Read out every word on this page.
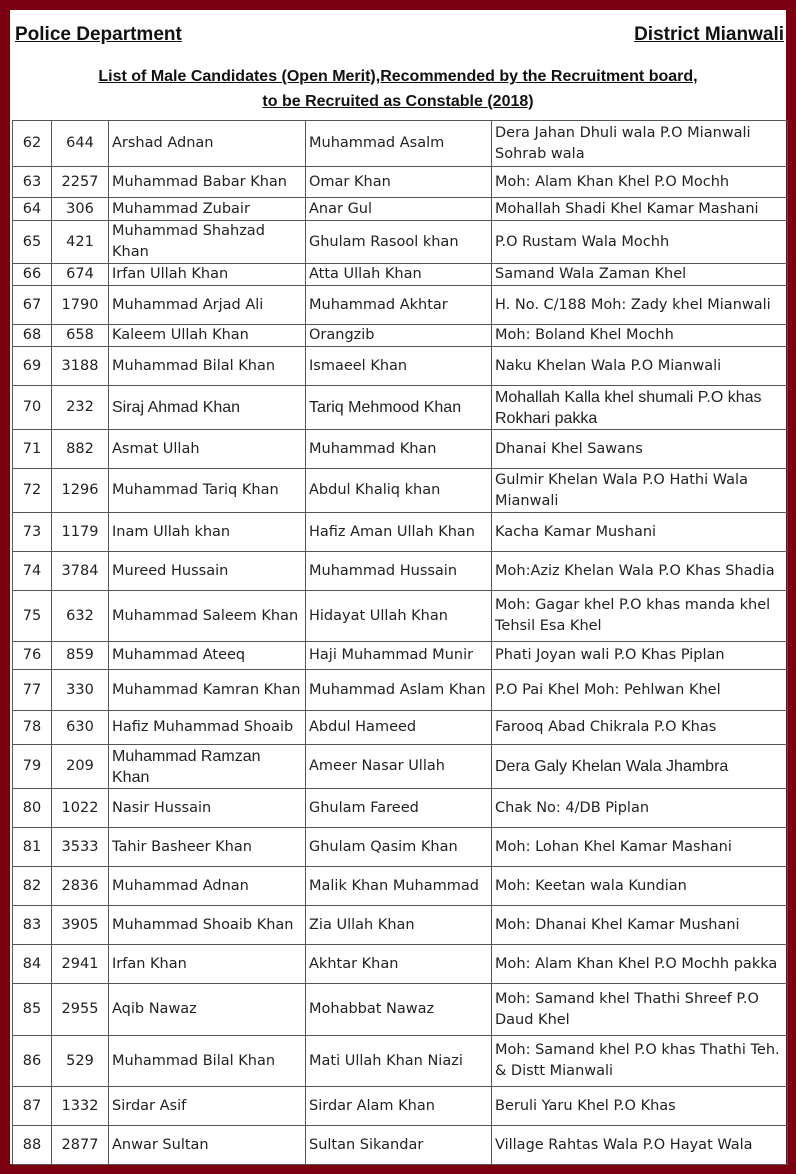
Police Department	District Mianwali
List of Male Candidates (Open Merit),Recommended by the Recruitment board,
to be Recruited as Constable (2018)
62	644	Arshad Adnan	Muhammad Asalm	Dera Jahan Dhuli wala P.O Mianwali Sohrab wala
63	2257	Muhammad Babar Khan	Omar Khan	Moh: Alam Khan Khel P.O Mochh
64	306	Muhammad Zubair	Anar Gul	Mohallah Shadi Khel Kamar Mashani
65	421	Muhammad Shahzad Khan	Ghulam Rasool khan	P.O Rustam Wala Mochh
66	674	Irfan Ullah Khan	Atta Ullah Khan	Samand Wala Zaman Khel
67	1790	Muhammad Arjad Ali	Muhammad Akhtar	H. No. C/188 Moh: Zady khel Mianwali
68	658	Kaleem Ullah Khan	Orangzib	Moh: Boland Khel Mochh
69	3188	Muhammad Bilal Khan	Ismaeel Khan	Naku Khelan Wala P.O Mianwali
70	232	Siraj Ahmad Khan	Tariq Mehmood Khan	Mohallah Kalla khel shumali P.O khas Rokhari pakka
71	882	Asmat Ullah	Muhammad Khan	Dhanai Khel Sawans
72	1296	Muhammad Tariq Khan	Abdul Khaliq khan	Gulmir Khelan Wala P.O Hathi Wala Mianwali
73	1179	Inam Ullah khan	Hafiz Aman Ullah Khan	Kacha Kamar Mushani
74	3784	Mureed Hussain	Muhammad Hussain	Moh:Aziz Khelan Wala P.O Khas Shadia
75	632	Muhammad Saleem Khan	Hidayat Ullah Khan	Moh: Gagar khel P.O khas manda khel Tehsil Esa Khel
76	859	Muhammad Ateeq	Haji Muhammad Munir	Phati Joyan wali P.O Khas Piplan
77	330	Muhammad Kamran Khan	Muhammad Aslam Khan	P.O Pai Khel Moh: Pehlwan Khel
78	630	Hafiz Muhammad Shoaib	Abdul Hameed	Farooq Abad Chikrala P.O Khas
79	209	Muhammad Ramzan Khan	Ameer Nasar Ullah	Dera Galy Khelan Wala Jhambra
80	1022	Nasir Hussain	Ghulam Fareed	Chak No: 4/DB Piplan
81	3533	Tahir Basheer Khan	Ghulam Qasim Khan	Moh: Lohan Khel Kamar Mashani
82	2836	Muhammad Adnan	Malik Khan Muhammad	Moh: Keetan wala Kundian
83	3905	Muhammad Shoaib Khan	Zia Ullah Khan	Moh: Dhanai Khel Kamar Mushani
84	2941	Irfan Khan	Akhtar Khan	Moh: Alam Khan Khel P.O Mochh pakka
85	2955	Aqib Nawaz	Mohabbat Nawaz	Moh: Samand khel Thathi Shreef P.O Daud Khel
86	529	Muhammad Bilal Khan	Mati Ullah Khan Niazi	Moh: Samand khel P.O khas Thathi Teh. & Distt Mianwali
87	1332	Sirdar Asif	Sirdar Alam Khan	Beruli Yaru Khel P.O Khas
88	2877	Anwar Sultan	Sultan Sikandar	Village Rahtas Wala P.O Hayat Wala
